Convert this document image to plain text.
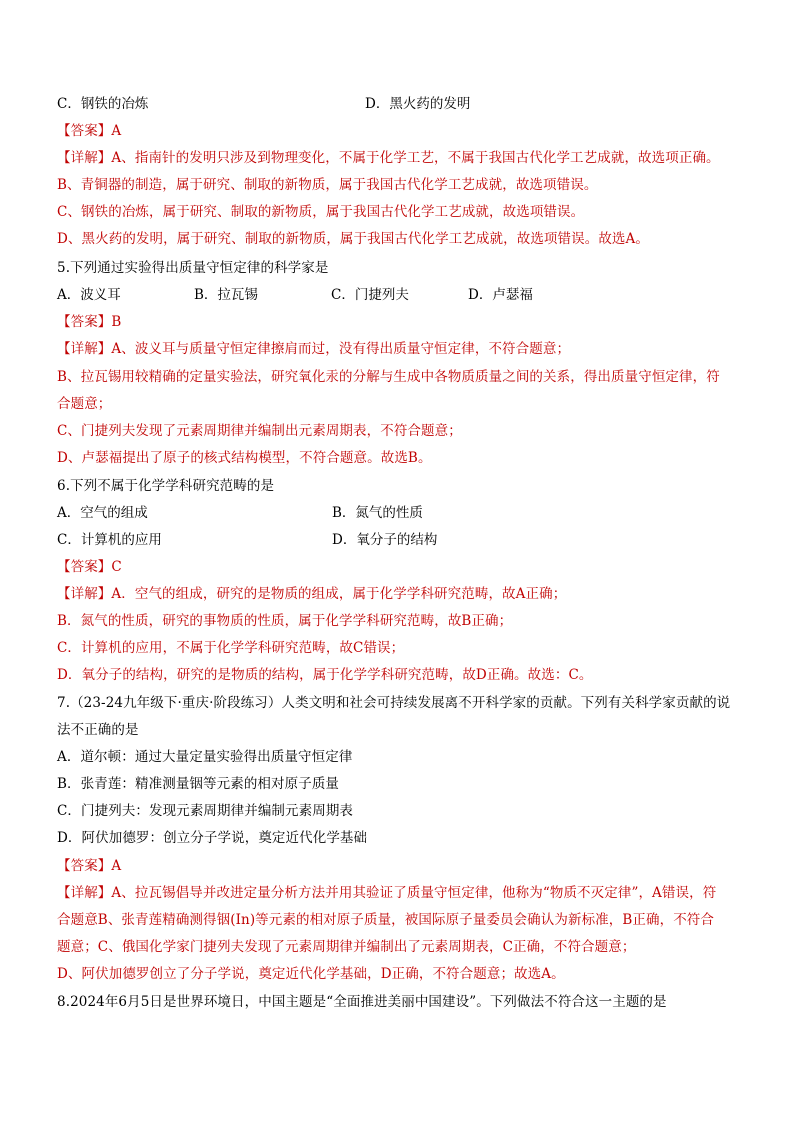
C．钢铁的冶炼	D．黑火药的发明
【答案】A
【详解】A、指南针的发明只涉及到物理变化，不属于化学工艺，不属于我国古代化学工艺成就，故选项正确。
B、青铜器的制造，属于研究、制取的新物质，属于我国古代化学工艺成就，故选项错误。
C、钢铁的冶炼，属于研究、制取的新物质，属于我国古代化学工艺成就，故选项错误。
D、黑火药的发明，属于研究、制取的新物质，属于我国古代化学工艺成就，故选项错误。故选A。
5.下列通过实验得出质量守恒定律的科学家是
A．波义耳	B．拉瓦锡	C．门捷列夫	D．卢瑟福
【答案】B
【详解】A、波义耳与质量守恒定律擦肩而过，没有得出质量守恒定律，不符合题意；
B、拉瓦锡用较精确的定量实验法，研究氧化汞的分解与生成中各物质质量之间的关系，得出质量守恒定律，符
合题意；
C、门捷列夫发现了元素周期律并编制出元素周期表，不符合题意；
D、卢瑟福提出了原子的核式结构模型，不符合题意。故选B。
6.下列不属于化学学科研究范畴的是
A．空气的组成	B．氮气的性质
C．计算机的应用	D．氧分子的结构
【答案】C
【详解】A．空气的组成，研究的是物质的组成，属于化学学科研究范畴，故A正确；
B．氮气的性质，研究的事物质的性质，属于化学学科研究范畴，故B正确；
C．计算机的应用，不属于化学学科研究范畴，故C错误；
D．氧分子的结构，研究的是物质的结构，属于化学学科研究范畴，故D正确。故选：C。
7.（23-24九年级下·重庆·阶段练习）人类文明和社会可持续发展离不开科学家的贡献。下列有关科学家贡献的说
法不正确的是
A．道尔顿：通过大量定量实验得出质量守恒定律
B．张青莲：精准测量铟等元素的相对原子质量
C．门捷列夫：发现元素周期律并编制元素周期表
D．阿伏加德罗：创立分子学说，奠定近代化学基础
【答案】A
【详解】A、拉瓦锡倡导并改进定量分析方法并用其验证了质量守恒定律，他称为“物质不灭定律”，A错误，符
合题意B、张青莲精确测得铟(In)等元素的相对原子质量，被国际原子量委员会确认为新标准，B正确，不符合
题意；C、俄国化学家门捷列夫发现了元素周期律并编制出了元素周期表，C正确，不符合题意；
D、阿伏加德罗创立了分子学说，奠定近代化学基础，D正确，不符合题意；故选A。
8.2024年6月5日是世界环境日，中国主题是“全面推进美丽中国建设”。下列做法不符合这一主题的是
